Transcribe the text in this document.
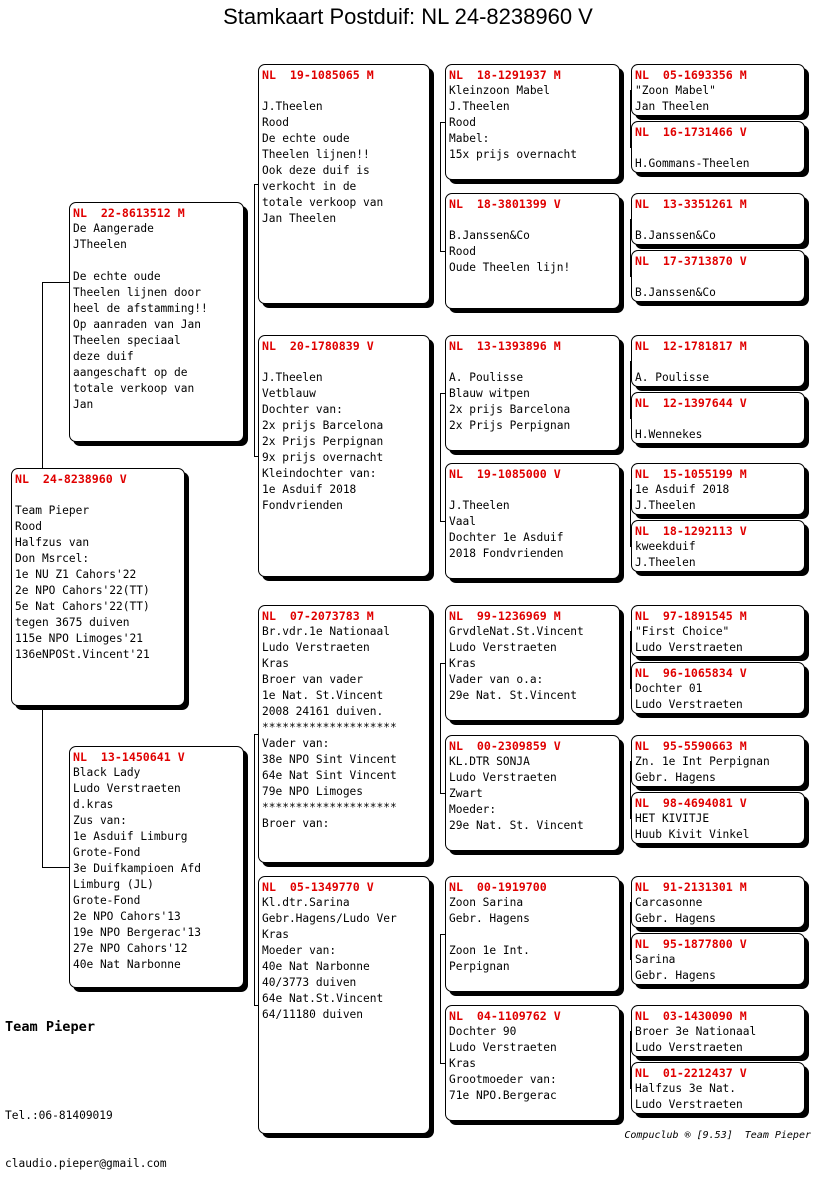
Stamkaart Postduif: NL 24-8238960 V
NL  24-8238960 V
Team Pieper
Rood
Halfzus van
Don Msrcel:
1e NU Z1 Cahors'22
2e NPO Cahors'22(TT)
5e Nat Cahors'22(TT)
tegen 3675 duiven
115e NPO Limoges'21
136eNPOSt.Vincent'21
NL  22-8613512 M
De Aangerade
JTheelen
De echte oude
Theelen lijnen door
heel de afstamming!!
Op aanraden van Jan
Theelen speciaal
deze duif
aangeschaft op de
totale verkoop van
Jan
NL  13-1450641 V
Black Lady
Ludo Verstraeten
d.kras
Zus van:
1e Asduif Limburg
Grote-Fond
3e Duifkampioen Afd
Limburg (JL)
Grote-Fond
2e NPO Cahors'13
19e NPO Bergerac'13
27e NPO Cahors'12
40e Nat Narbonne
NL  19-1085065 M
J.Theelen
Rood
De echte oude
Theelen lijnen!!
Ook deze duif is
verkocht in de
totale verkoop van
Jan Theelen
NL  20-1780839 V
J.Theelen
Vetblauw
Dochter van:
2x prijs Barcelona
2x Prijs Perpignan
9x prijs overnacht
Kleindochter van:
1e Asduif 2018
Fondvrienden
NL  07-2073783 M
Br.vdr.1e Nationaal
Ludo Verstraeten
Kras
Broer van vader
1e Nat. St.Vincent
2008 24161 duiven.
********************
Vader van:
38e NPO Sint Vincent
64e Nat Sint Vincent
79e NPO Limoges
********************
Broer van:
NL  05-1349770 V
Kl.dtr.Sarina
Gebr.Hagens/Ludo Ver
Kras
Moeder van:
40e Nat Narbonne
40/3773 duiven
64e Nat.St.Vincent
64/11180 duiven
NL  18-1291937 M
Kleinzoon Mabel
J.Theelen
Rood
Mabel:
15x prijs overnacht
NL  18-3801399 V
B.Janssen&Co
Rood
Oude Theelen lijn!
NL  13-1393896 M
A. Poulisse
Blauw witpen
2x prijs Barcelona
2x Prijs Perpignan
NL  19-1085000 V
J.Theelen
Vaal
Dochter 1e Asduif
2018 Fondvrienden
NL  99-1236969 M
GrvdleNat.St.Vincent
Ludo Verstraeten
Kras
Vader van o.a:
29e Nat. St.Vincent
NL  00-2309859 V
KL.DTR SONJA
Ludo Verstraeten
Zwart
Moeder:
29e Nat. St. Vincent
NL  00-1919700
Zoon Sarina
Gebr. Hagens
Zoon 1e Int.
Perpignan
NL  04-1109762 V
Dochter 90
Ludo Verstraeten
Kras
Grootmoeder van:
71e NPO.Bergerac
NL  05-1693356 M
"Zoon Mabel"
Jan Theelen
NL  16-1731466 V
H.Gommans-Theelen
NL  13-3351261 M
B.Janssen&Co
NL  17-3713870 V
B.Janssen&Co
NL  12-1781817 M
A. Poulisse
NL  12-1397644 V
H.Wennekes
NL  15-1055199 M
1e Asduif 2018
J.Theelen
NL  18-1292113 V
kweekduif
J.Theelen
NL  97-1891545 M
"First Choice"
Ludo Verstraeten
NL  96-1065834 V
Dochter 01
Ludo Verstraeten
NL  95-5590663 M
Zn. 1e Int Perpignan
Gebr. Hagens
NL  98-4694081 V
HET KIVITJE
Huub Kivit Vinkel
NL  91-2131301 M
Carcasonne
Gebr. Hagens
NL  95-1877800 V
Sarina
Gebr. Hagens
NL  03-1430090 M
Broer 3e Nationaal
Ludo Verstraeten
NL  01-2212437 V
Halfzus 3e Nat.
Ludo Verstraeten
Team Pieper

Tel.:06-81409019

claudio.pieper@gmail.com

Compuclub ® [9.53]  Team Pieper
